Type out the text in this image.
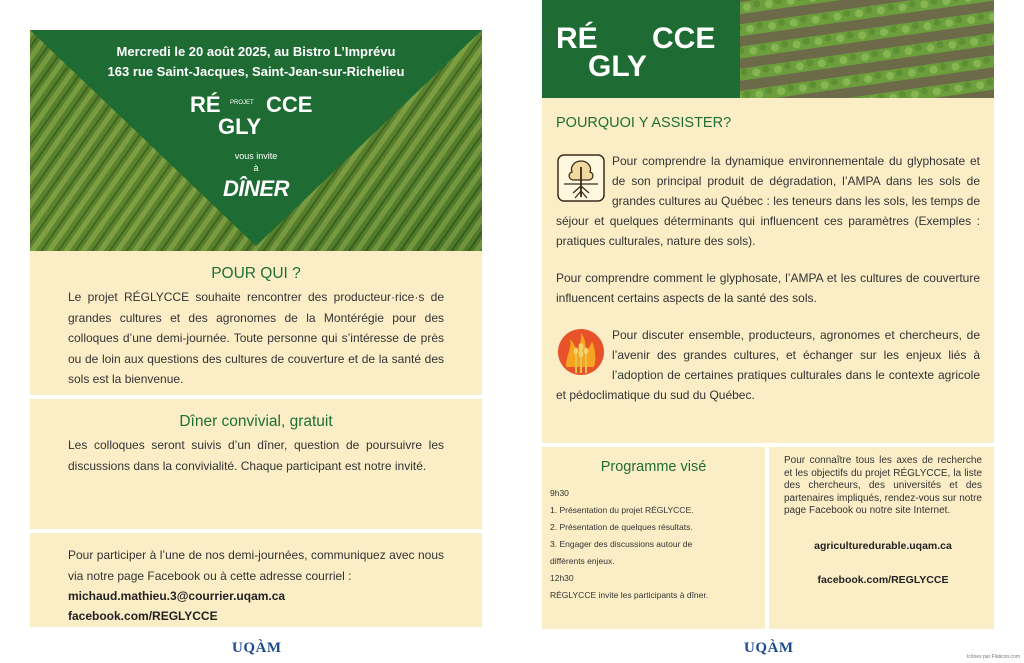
Mercredi le 20 août 2025, au Bistro L’Imprévu
163 rue Saint-Jacques, Saint-Jean-sur-Richelieu
RÉ PROJET CCE
GLY
vous invite
à
DÎNER
POUR QUI ?
Le projet RÉGLYCCE souhaite rencontrer des producteur·rice·s de grandes cultures et des agronomes de la Montérégie pour des colloques d’une demi-journée. Toute personne qui s’intéresse de près ou de loin aux questions des cultures de couverture et de la santé des sols est la bienvenue.
Dîner convivial, gratuit
Les colloques seront suivis d’un dîner, question de poursuivre les discussions dans la convivialité. Chaque participant est notre invité.
Pour participer à l’une de nos demi-journées, communiquez avec nous via notre page Facebook ou à cette adresse courriel :
michaud.mathieu.3@courrier.uqam.ca
facebook.com/REGLYCCE
UQÀM
RÉ CCE
GLY
POURQUOI Y ASSISTER?
Pour comprendre la dynamique environnementale du glyphosate et de son principal produit de dégradation, l’AMPA dans les sols de grandes cultures au Québec : les teneurs dans les sols, les temps de séjour et quelques déterminants qui influencent ces paramètres (Exemples : pratiques culturales, nature des sols).
Pour comprendre comment le glyphosate, l’AMPA et les cultures de couverture influencent certains aspects de la santé des sols.
Pour discuter ensemble, producteurs, agronomes et chercheurs, de l’avenir des grandes cultures, et échanger sur les enjeux liés à l’adoption de certaines pratiques culturales dans le contexte agricole et pédoclimatique du sud du Québec.
Programme visé
9h30
1. Présentation du projet RÉGLYCCE.
2. Présentation de quelques résultats.
3. Engager des discussions autour de
différents enjeux.
12h30
RÉGLYCCE invite les participants à dîner.
Pour connaître tous les axes de recherche et les objectifs du projet RÉGLYCCE, la liste des chercheurs, des universités et des partenaires impliqués, rendez-vous sur notre page Facebook ou notre site Internet.
agriculturedurable.uqam.ca
facebook.com/REGLYCCE
UQÀM
Icônes par Flaticon.com
